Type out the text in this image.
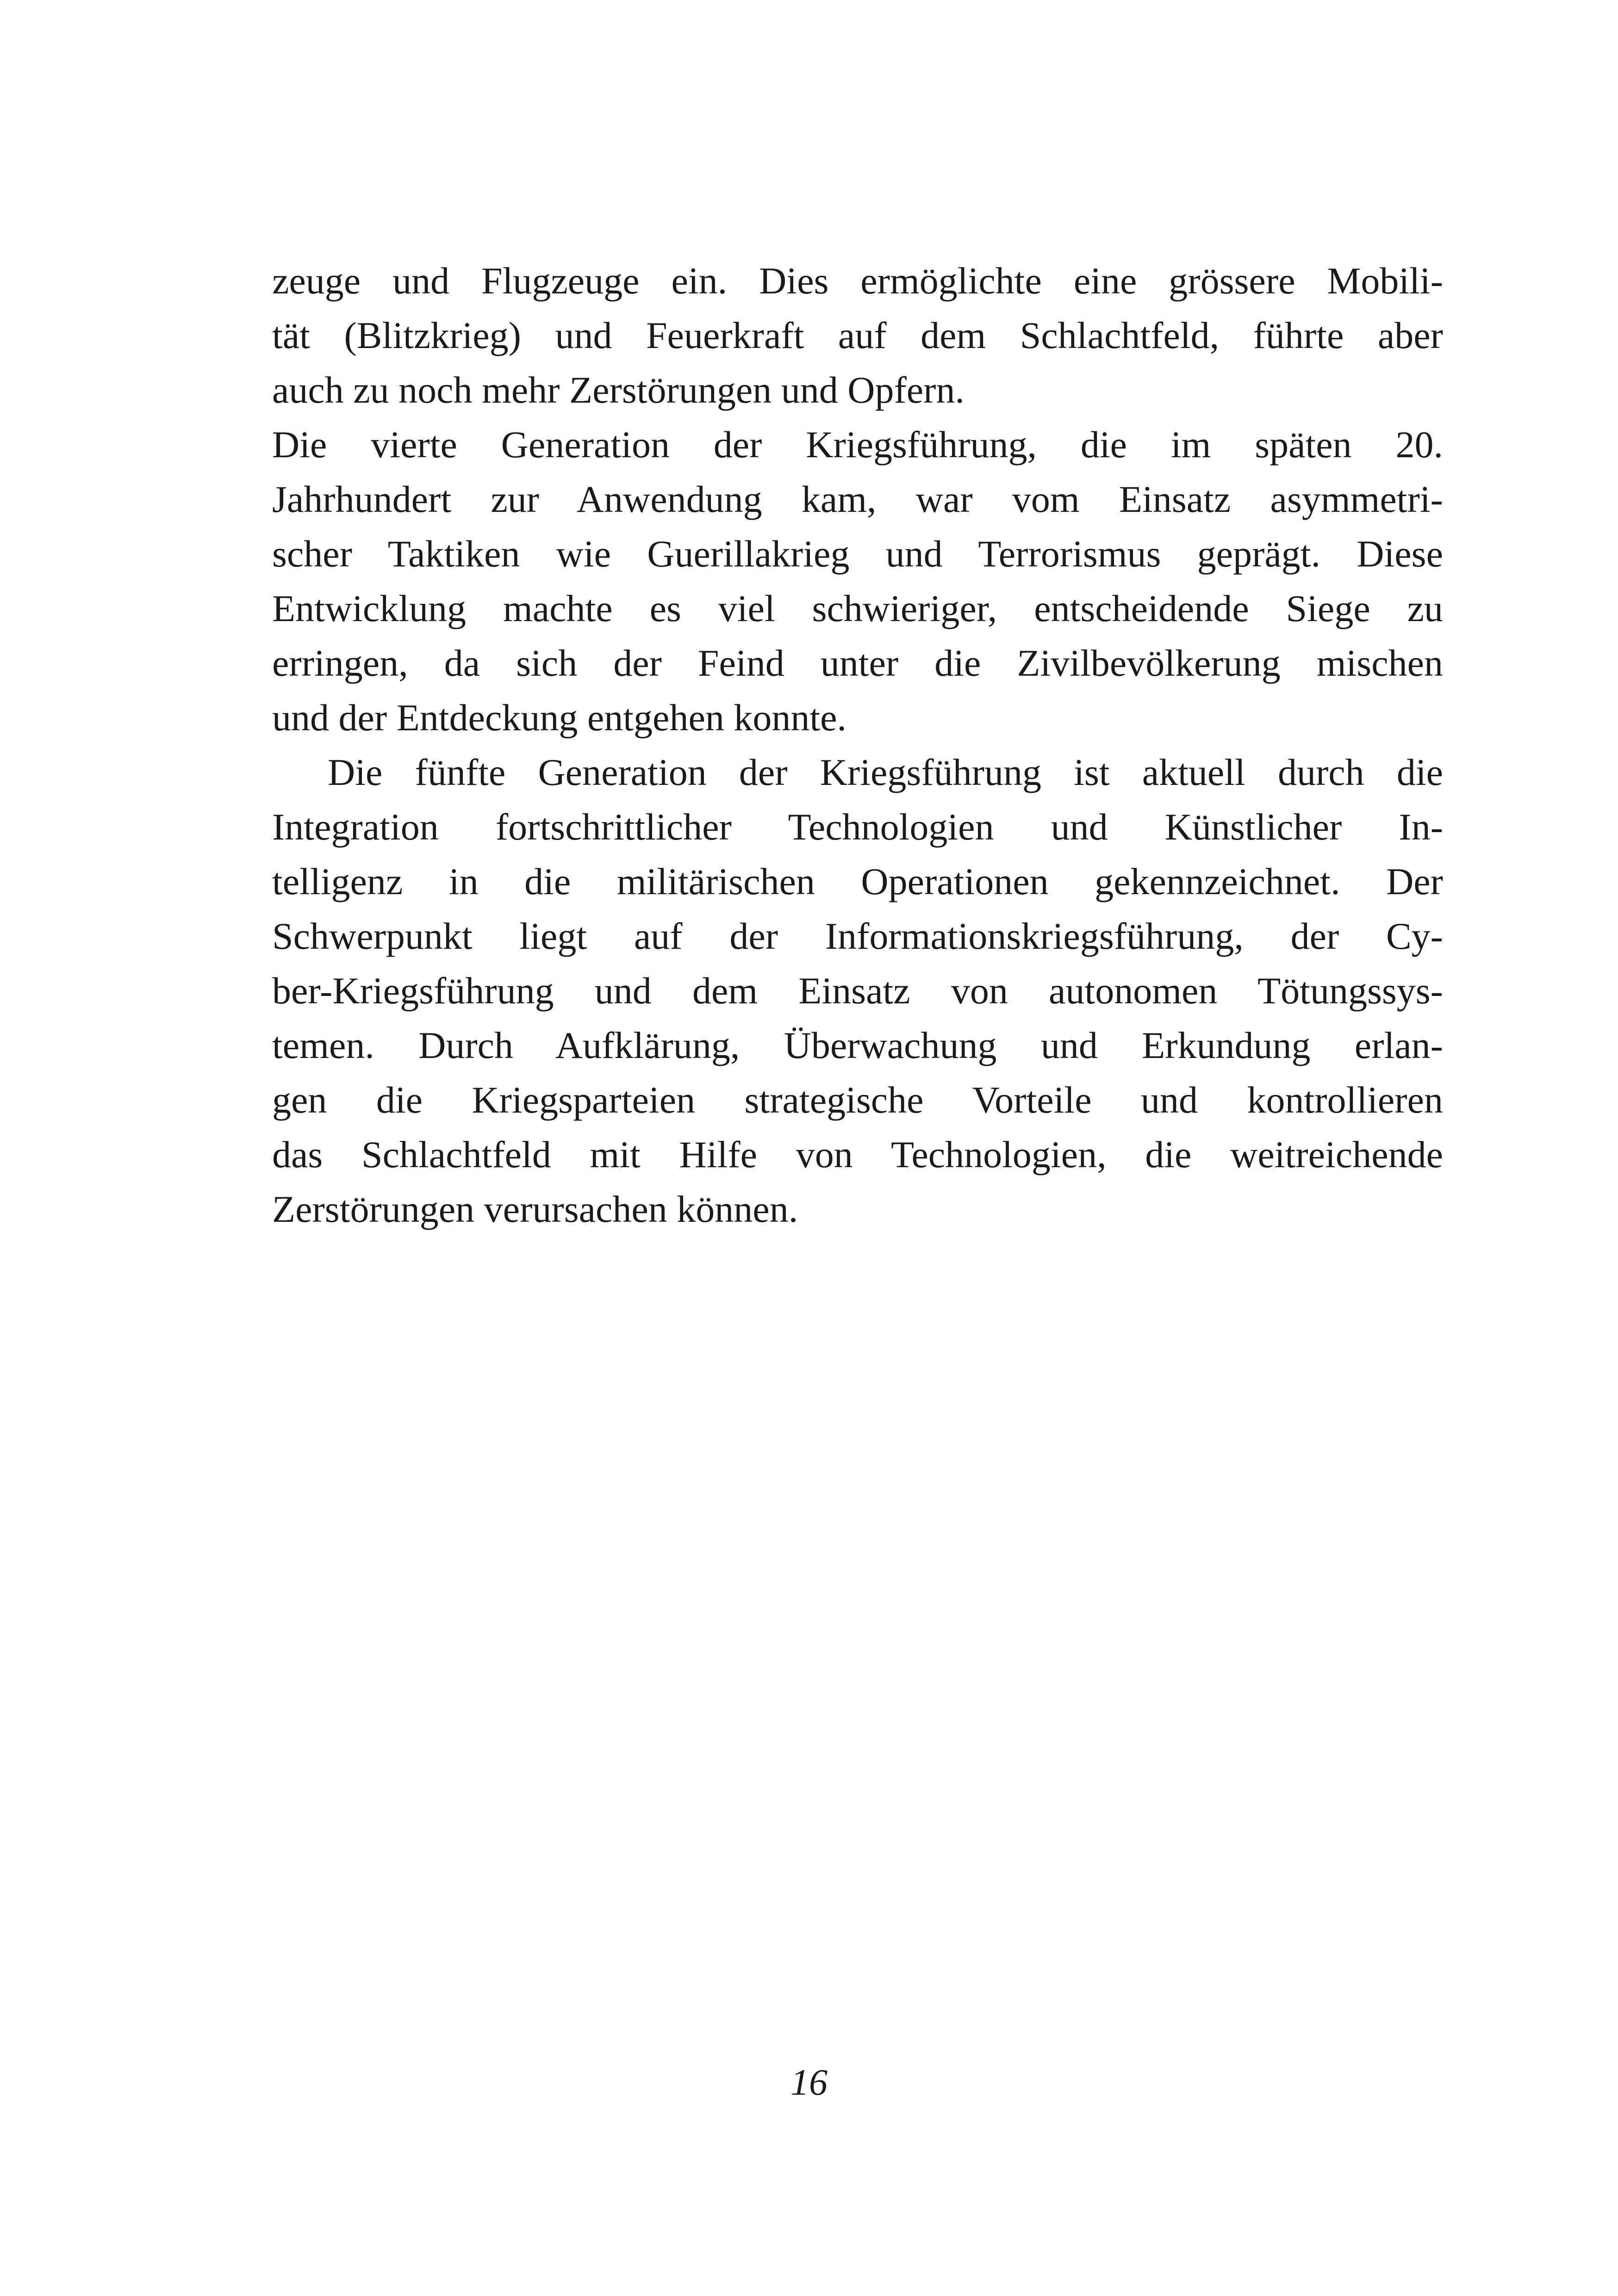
zeuge und Flugzeuge ein. Dies ermöglichte eine grössere Mobili-
tät (Blitzkrieg) und Feuerkraft auf dem Schlachtfeld, führte aber
auch zu noch mehr Zerstörungen und Opfern.
Die vierte Generation der Kriegsführung, die im späten 20.
Jahrhundert zur Anwendung kam, war vom Einsatz asymmetri-
scher Taktiken wie Guerillakrieg und Terrorismus geprägt. Diese
Entwicklung machte es viel schwieriger, entscheidende Siege zu
erringen, da sich der Feind unter die Zivilbevölkerung mischen
und der Entdeckung entgehen konnte.
Die fünfte Generation der Kriegsführung ist aktuell durch die
Integration fortschrittlicher Technologien und Künstlicher In-
telligenz in die militärischen Operationen gekennzeichnet. Der
Schwerpunkt liegt auf der Informationskriegsführung, der Cy-
ber-Kriegsführung und dem Einsatz von autonomen Tötungssys-
temen. Durch Aufklärung, Überwachung und Erkundung erlan-
gen die Kriegsparteien strategische Vorteile und kontrollieren
das Schlachtfeld mit Hilfe von Technologien, die weitreichende
Zerstörungen verursachen können.
16
